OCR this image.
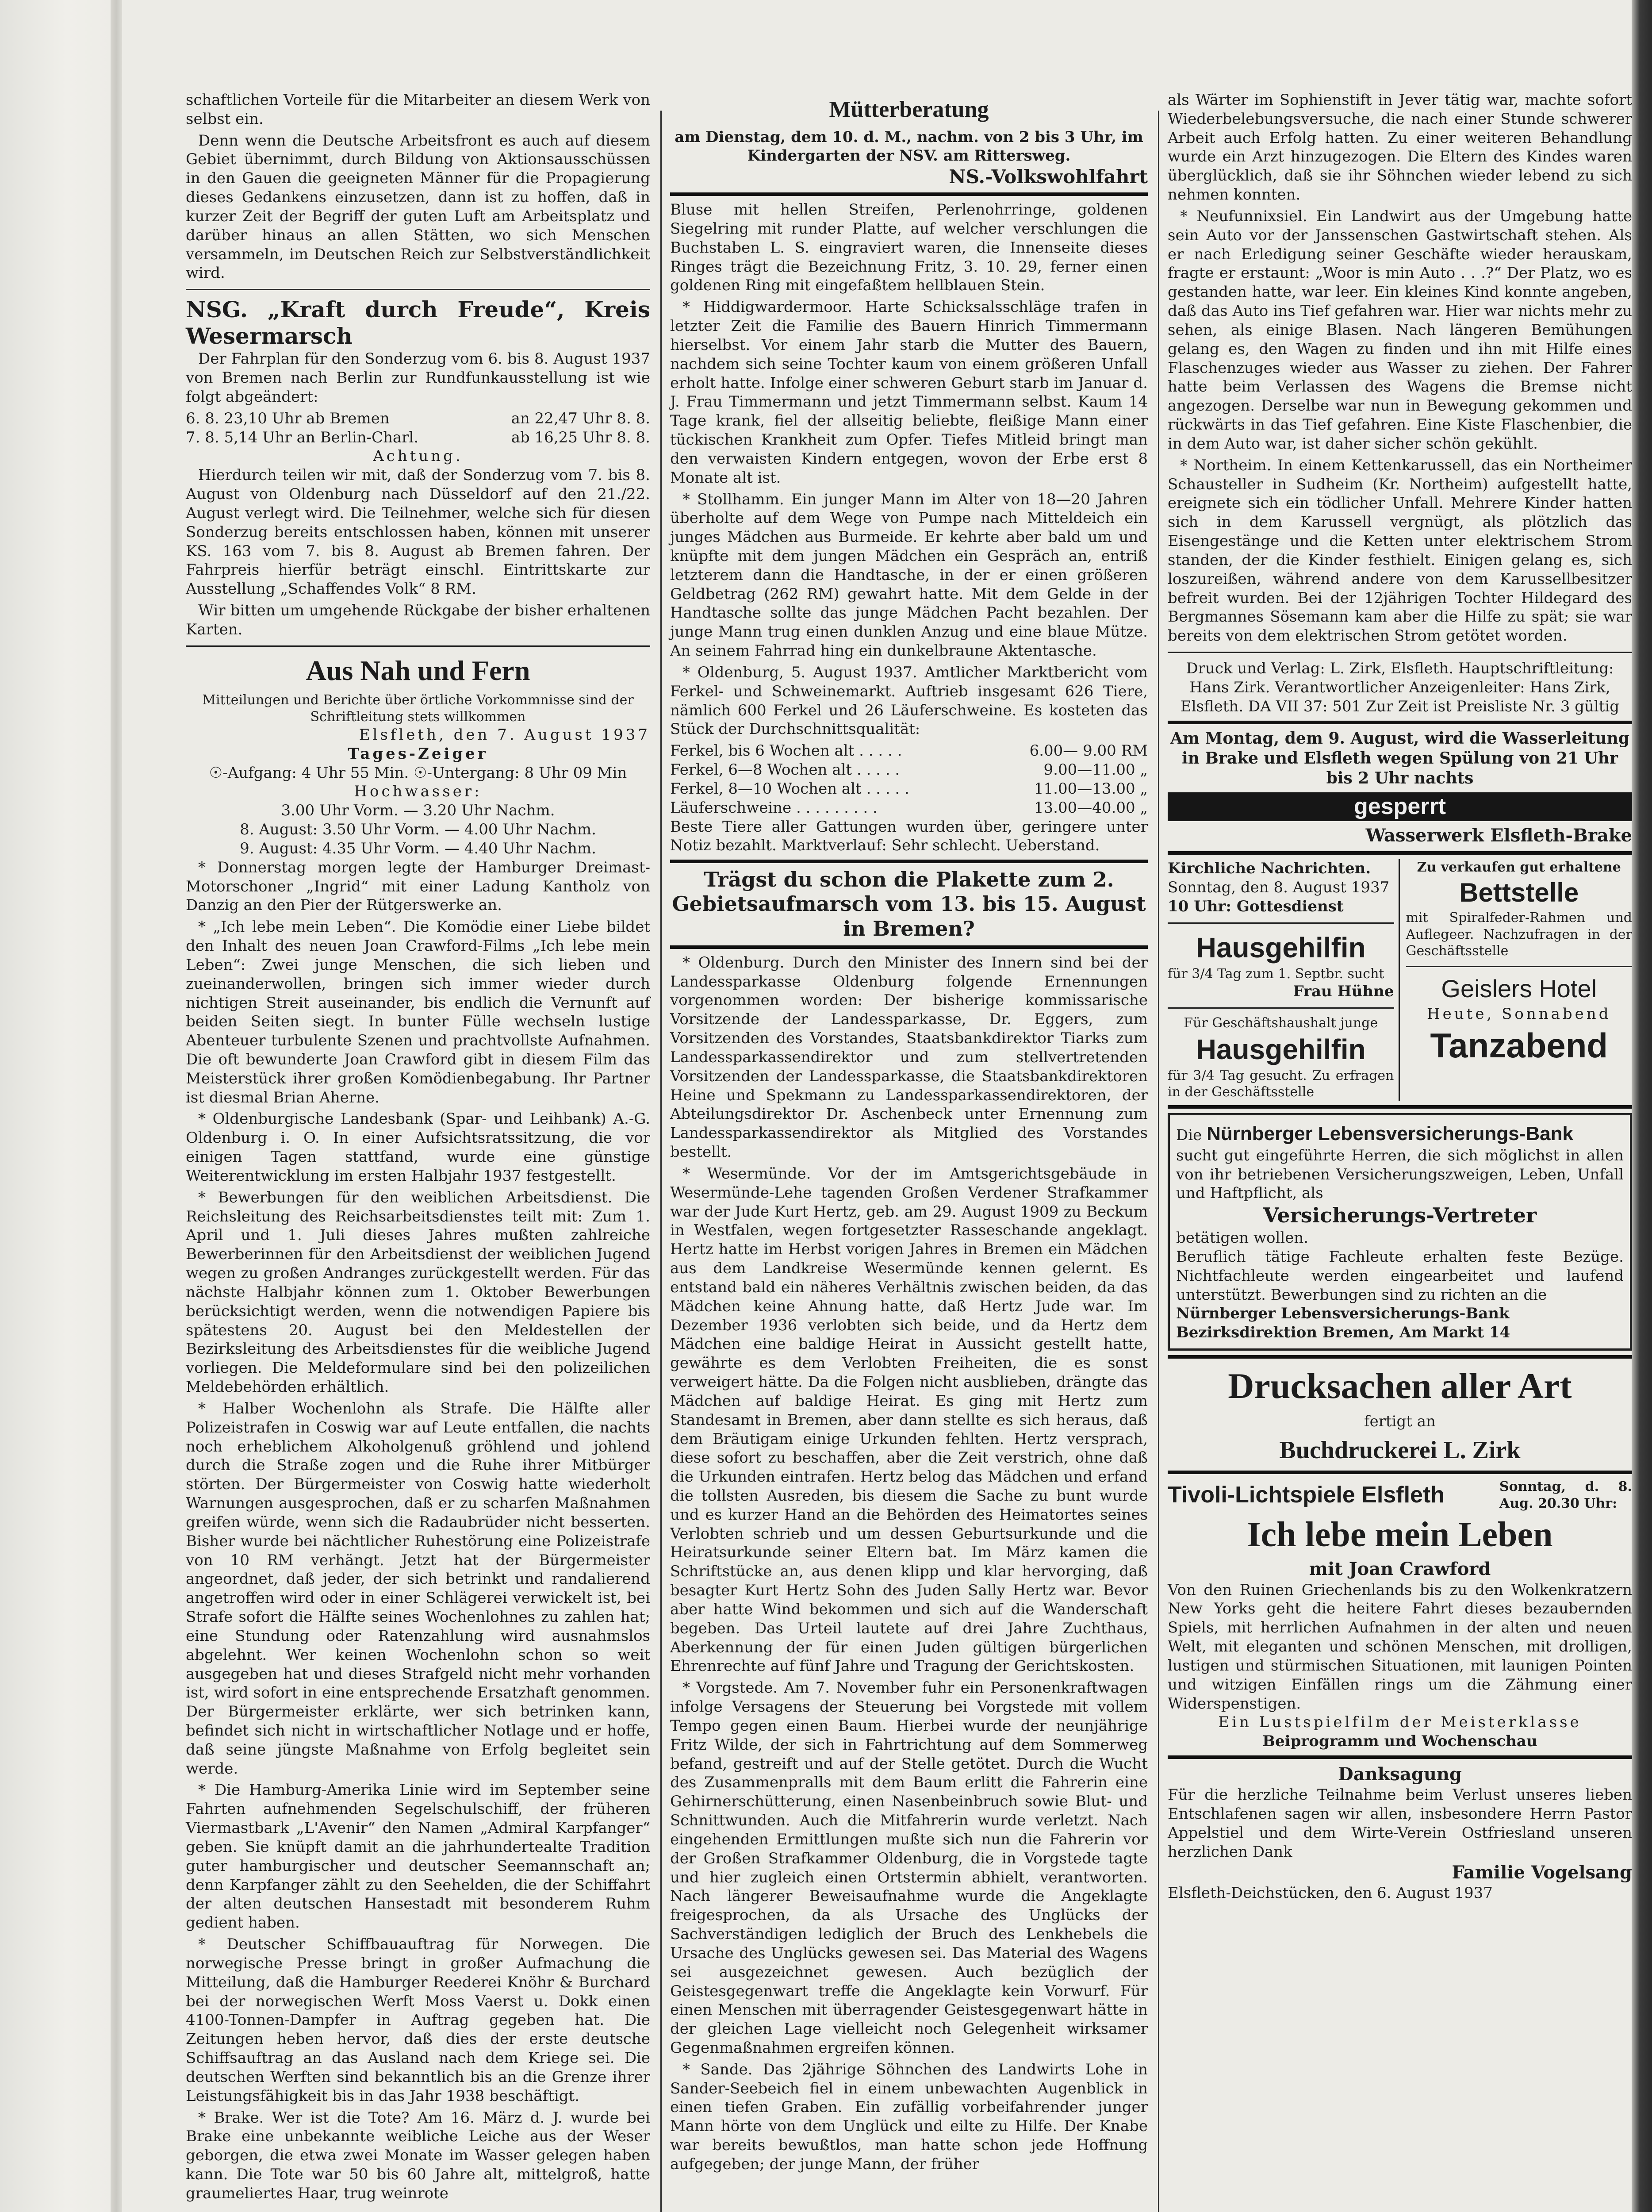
schaftlichen Vorteile für die Mitarbeiter an diesem Werk von selbst ein.

Denn wenn die Deutsche Arbeitsfront es auch auf diesem Gebiet übernimmt, durch Bildung von Aktionsausschüssen in den Gauen die geeigneten Männer für die Propagierung dieses Gedankens einzusetzen, dann ist zu hoffen, daß in kurzer Zeit der Begriff der guten Luft am Arbeitsplatz und darüber hinaus an allen Stätten, wo sich Menschen versammeln, im Deutschen Reich zur Selbstverständlichkeit wird.

NSG. „Kraft durch Freude“, Kreis Wesermarsch

Der Fahrplan für den Sonderzug vom 6. bis 8. August 1937 von Bremen nach Berlin zur Rundfunkausstellung ist wie folgt abgeändert:

6. 8. 23,10 Uhr ab Bremen	an 22,47 Uhr 8. 8.
7. 8. 5,14 Uhr an Berlin-Charl.	ab 16,25 Uhr 8. 8.
Achtung.

Hierdurch teilen wir mit, daß der Sonderzug vom 7. bis 8. August von Oldenburg nach Düsseldorf auf den 21./22. August verlegt wird. Die Teilnehmer, welche sich für diesen Sonderzug bereits entschlossen haben, können mit unserer KS. 163 vom 7. bis 8. August ab Bremen fahren. Der Fahrpreis hierfür beträgt einschl. Eintrittskarte zur Ausstellung „Schaffendes Volk“ 8 RM.

Wir bitten um umgehende Rückgabe der bisher erhaltenen Karten.

Aus Nah und Fern
Mitteilungen und Berichte über örtliche Vorkommnisse sind der Schriftleitung stets willkommen
Elsfleth, den 7. August 1937
Tages-Zeiger
☉-Aufgang: 4 Uhr 55 Min. ☉-Untergang: 8 Uhr 09 Min
Hochwasser:
3.00 Uhr Vorm. — 3.20 Uhr Nachm.
8. August: 3.50 Uhr Vorm. — 4.00 Uhr Nachm.
9. August: 4.35 Uhr Vorm. — 4.40 Uhr Nachm.

* Donnerstag morgen legte der Hamburger Dreimast-Motorschoner „Ingrid“ mit einer Ladung Kantholz von Danzig an den Pier der Rütgerswerke an.

* „Ich lebe mein Leben“. Die Komödie einer Liebe bildet den Inhalt des neuen Joan Crawford-Films „Ich lebe mein Leben“: Zwei junge Menschen, die sich lieben und zueinanderwollen, bringen sich immer wieder durch nichtigen Streit auseinander, bis endlich die Vernunft auf beiden Seiten siegt. In bunter Fülle wechseln lustige Abenteuer turbulente Szenen und prachtvollste Aufnahmen. Die oft bewunderte Joan Crawford gibt in diesem Film das Meisterstück ihrer großen Komödienbegabung. Ihr Partner ist diesmal Brian Aherne.

* Oldenburgische Landesbank (Spar- und Leihbank) A.-G. Oldenburg i. O. In einer Aufsichtsratssitzung, die vor einigen Tagen stattfand, wurde eine günstige Weiterentwicklung im ersten Halbjahr 1937 festgestellt.

* Bewerbungen für den weiblichen Arbeitsdienst. Die Reichsleitung des Reichsarbeitsdienstes teilt mit: Zum 1. April und 1. Juli dieses Jahres mußten zahlreiche Bewerberinnen für den Arbeitsdienst der weiblichen Jugend wegen zu großen Andranges zurückgestellt werden. Für das nächste Halbjahr können zum 1. Oktober Bewerbungen berücksichtigt werden, wenn die notwendigen Papiere bis spätestens 20. August bei den Meldestellen der Bezirksleitung des Arbeitsdienstes für die weibliche Jugend vorliegen. Die Meldeformulare sind bei den polizeilichen Meldebehörden erhältlich.

* Halber Wochenlohn als Strafe. Die Hälfte aller Polizeistrafen in Coswig war auf Leute entfallen, die nachts noch erheblichem Alkoholgenuß gröhlend und johlend durch die Straße zogen und die Ruhe ihrer Mitbürger störten. Der Bürgermeister von Coswig hatte wiederholt Warnungen ausgesprochen, daß er zu scharfen Maßnahmen greifen würde, wenn sich die Radaubrüder nicht besserten. Bisher wurde bei nächtlicher Ruhestörung eine Polizeistrafe von 10 RM verhängt. Jetzt hat der Bürgermeister angeordnet, daß jeder, der sich betrinkt und randalierend angetroffen wird oder in einer Schlägerei verwickelt ist, bei Strafe sofort die Hälfte seines Wochenlohnes zu zahlen hat; eine Stundung oder Ratenzahlung wird ausnahmslos abgelehnt. Wer keinen Wochenlohn schon so weit ausgegeben hat und dieses Strafgeld nicht mehr vorhanden ist, wird sofort in eine entsprechende Ersatzhaft genommen. Der Bürgermeister erklärte, wer sich betrinken kann, befindet sich nicht in wirtschaftlicher Notlage und er hoffe, daß seine jüngste Maßnahme von Erfolg begleitet sein werde.

* Die Hamburg-Amerika Linie wird im September seine Fahrten aufnehmenden Segelschulschiff, der früheren Viermastbark „L'Avenir“ den Namen „Admiral Karpfanger“ geben. Sie knüpft damit an die jahrhundertealte Tradition guter hamburgischer und deutscher Seemannschaft an; denn Karpfanger zählt zu den Seehelden, die der Schiffahrt der alten deutschen Hansestadt mit besonderem Ruhm gedient haben.

* Deutscher Schiffbauauftrag für Norwegen. Die norwegische Presse bringt in großer Aufmachung die Mitteilung, daß die Hamburger Reederei Knöhr & Burchard bei der norwegischen Werft Moss Vaerst u. Dokk einen 4100-Tonnen-Dampfer in Auftrag gegeben hat. Die Zeitungen heben hervor, daß dies der erste deutsche Schiffsauftrag an das Ausland nach dem Kriege sei. Die deutschen Werften sind bekanntlich bis an die Grenze ihrer Leistungsfähigkeit bis in das Jahr 1938 beschäftigt.

* Brake. Wer ist die Tote? Am 16. März d. J. wurde bei Brake eine unbekannte weibliche Leiche aus der Weser geborgen, die etwa zwei Monate im Wasser gelegen haben kann. Die Tote war 50 bis 60 Jahre alt, mittelgroß, hatte graumeliertes Haar, trug weinrote

Mütterberatung
am Dienstag, dem 10. d. M., nachm. von 2 bis 3 Uhr, im Kindergarten der NSV. am Rittersweg.
NS.-Volkswohlfahrt

Bluse mit hellen Streifen, Perlenohrringe, goldenen Siegelring mit runder Platte, auf welcher verschlungen die Buchstaben L. S. eingraviert waren, die Innenseite dieses Ringes trägt die Bezeichnung Fritz, 3. 10. 29, ferner einen goldenen Ring mit eingefaßtem hellblauen Stein.

* Hiddigwardermoor. Harte Schicksalsschläge trafen in letzter Zeit die Familie des Bauern Hinrich Timmermann hierselbst. Vor einem Jahr starb die Mutter des Bauern, nachdem sich seine Tochter kaum von einem größeren Unfall erholt hatte. Infolge einer schweren Geburt starb im Januar d. J. Frau Timmermann und jetzt Timmermann selbst. Kaum 14 Tage krank, fiel der allseitig beliebte, fleißige Mann einer tückischen Krankheit zum Opfer. Tiefes Mitleid bringt man den verwaisten Kindern entgegen, wovon der Erbe erst 8 Monate alt ist.

* Stollhamm. Ein junger Mann im Alter von 18—20 Jahren überholte auf dem Wege von Pumpe nach Mitteldeich ein junges Mädchen aus Burmeide. Er kehrte aber bald um und knüpfte mit dem jungen Mädchen ein Gespräch an, entriß letzterem dann die Handtasche, in der er einen größeren Geldbetrag (262 RM) gewahrt hatte. Mit dem Gelde in der Handtasche sollte das junge Mädchen Pacht bezahlen. Der junge Mann trug einen dunklen Anzug und eine blaue Mütze. An seinem Fahrrad hing ein dunkelbraune Aktentasche.

* Oldenburg, 5. August 1937. Amtlicher Marktbericht vom Ferkel- und Schweinemarkt. Auftrieb insgesamt 626 Tiere, nämlich 600 Ferkel und 26 Läuferschweine. Es kosteten das Stück der Durchschnittsqualität:

Ferkel, bis 6 Wochen alt . . . . .	6.00— 9.00 RM
Ferkel, 6—8 Wochen alt . . . . .	9.00—11.00 „
Ferkel, 8—10 Wochen alt . . . . .	11.00—13.00 „
Läuferschweine . . . . . . . . .	13.00—40.00 „

Beste Tiere aller Gattungen wurden über, geringere unter Notiz bezahlt. Marktverlauf: Sehr schlecht. Ueberstand.

Trägst du schon die Plakette zum 2. Gebietsaufmarsch vom 13. bis 15. August in Bremen?

* Oldenburg. Durch den Minister des Innern sind bei der Landessparkasse Oldenburg folgende Ernennungen vorgenommen worden: Der bisherige kommissarische Vorsitzende der Landessparkasse, Dr. Eggers, zum Vorsitzenden des Vorstandes, Staatsbankdirektor Tiarks zum Landessparkassendirektor und zum stellvertretenden Vorsitzenden der Landessparkasse, die Staatsbankdirektoren Heine und Spekmann zu Landessparkassendirektoren, der Abteilungsdirektor Dr. Aschenbeck unter Ernennung zum Landessparkassendirektor als Mitglied des Vorstandes bestellt.

* Wesermünde. Vor der im Amtsgerichtsgebäude in Wesermünde-Lehe tagenden Großen Verdener Strafkammer war der Jude Kurt Hertz, geb. am 29. August 1909 zu Beckum in Westfalen, wegen fortgesetzter Rasseschande angeklagt. Hertz hatte im Herbst vorigen Jahres in Bremen ein Mädchen aus dem Landkreise Wesermünde kennen gelernt. Es entstand bald ein näheres Verhältnis zwischen beiden, da das Mädchen keine Ahnung hatte, daß Hertz Jude war. Im Dezember 1936 verlobten sich beide, und da Hertz dem Mädchen eine baldige Heirat in Aussicht gestellt hatte, gewährte es dem Verlobten Freiheiten, die es sonst verweigert hätte. Da die Folgen nicht ausblieben, drängte das Mädchen auf baldige Heirat. Es ging mit Hertz zum Standesamt in Bremen, aber dann stellte es sich heraus, daß dem Bräutigam einige Urkunden fehlten. Hertz versprach, diese sofort zu beschaffen, aber die Zeit verstrich, ohne daß die Urkunden eintrafen. Hertz belog das Mädchen und erfand die tollsten Ausreden, bis diesem die Sache zu bunt wurde und es kurzer Hand an die Behörden des Heimatortes seines Verlobten schrieb und um dessen Geburtsurkunde und die Heiratsurkunde seiner Eltern bat. Im März kamen die Schriftstücke an, aus denen klipp und klar hervorging, daß besagter Kurt Hertz Sohn des Juden Sally Hertz war. Bevor aber hatte Wind bekommen und sich auf die Wanderschaft begeben. Das Urteil lautete auf drei Jahre Zuchthaus, Aberkennung der für einen Juden gültigen bürgerlichen Ehrenrechte auf fünf Jahre und Tragung der Gerichtskosten.

* Vorgstede. Am 7. November fuhr ein Personenkraftwagen infolge Versagens der Steuerung bei Vorgstede mit vollem Tempo gegen einen Baum. Hierbei wurde der neunjährige Fritz Wilde, der sich in Fahrtrichtung auf dem Sommerweg befand, gestreift und auf der Stelle getötet. Durch die Wucht des Zusammenpralls mit dem Baum erlitt die Fahrerin eine Gehirnerschütterung, einen Nasenbeinbruch sowie Blut- und Schnittwunden. Auch die Mitfahrerin wurde verletzt. Nach eingehenden Ermittlungen mußte sich nun die Fahrerin vor der Großen Strafkammer Oldenburg, die in Vorgstede tagte und hier zugleich einen Ortstermin abhielt, verantworten. Nach längerer Beweisaufnahme wurde die Angeklagte freigesprochen, da als Ursache des Unglücks der Sachverständigen lediglich der Bruch des Lenkhebels die Ursache des Unglücks gewesen sei. Das Material des Wagens sei ausgezeichnet gewesen. Auch bezüglich der Geistesgegenwart treffe die Angeklagte kein Vorwurf. Für einen Menschen mit überragender Geistesgegenwart hätte in der gleichen Lage vielleicht noch Gelegenheit wirksamer Gegenmaßnahmen ergreifen können.

* Sande. Das 2jährige Söhnchen des Landwirts Lohe in Sander-Seebeich fiel in einem unbewachten Augenblick in einen tiefen Graben. Ein zufällig vorbeifahrender junger Mann hörte von dem Unglück und eilte zu Hilfe. Der Knabe war bereits bewußtlos, man hatte schon jede Hoffnung aufgegeben; der junge Mann, der früher

als Wärter im Sophienstift in Jever tätig war, machte sofort Wiederbelebungsversuche, die nach einer Stunde schwerer Arbeit auch Erfolg hatten. Zu einer weiteren Behandlung wurde ein Arzt hinzugezogen. Die Eltern des Kindes waren überglücklich, daß sie ihr Söhnchen wieder lebend zu sich nehmen konnten.

* Neufunnixsiel. Ein Landwirt aus der Umgebung hatte sein Auto vor der Janssenschen Gastwirtschaft stehen. Als er nach Erledigung seiner Geschäfte wieder herauskam, fragte er erstaunt: „Woor is min Auto . . .?“ Der Platz, wo es gestanden hatte, war leer. Ein kleines Kind konnte angeben, daß das Auto ins Tief gefahren war. Hier war nichts mehr zu sehen, als einige Blasen. Nach längeren Bemühungen gelang es, den Wagen zu finden und ihn mit Hilfe eines Flaschenzuges wieder aus Wasser zu ziehen. Der Fahrer hatte beim Verlassen des Wagens die Bremse nicht angezogen. Derselbe war nun in Bewegung gekommen und rückwärts in das Tief gefahren. Eine Kiste Flaschenbier, die in dem Auto war, ist daher sicher schön gekühlt.

* Northeim. In einem Kettenkarussell, das ein Northeimer Schausteller in Sudheim (Kr. Northeim) aufgestellt hatte, ereignete sich ein tödlicher Unfall. Mehrere Kinder hatten sich in dem Karussell vergnügt, als plötzlich das Eisengestänge und die Ketten unter elektrischem Strom standen, der die Kinder festhielt. Einigen gelang es, sich loszureißen, während andere von dem Karussellbesitzer befreit wurden. Bei der 12jährigen Tochter Hildegard des Bergmannes Sösemann kam aber die Hilfe zu spät; sie war bereits von dem elektrischen Strom getötet worden.

Druck und Verlag: L. Zirk, Elsfleth. Hauptschriftleitung: Hans Zirk. Verantwortlicher Anzeigenleiter: Hans Zirk, Elsfleth. DA VII 37: 501 Zur Zeit ist Preisliste Nr. 3 gültig
Am Montag, dem 9. August, wird die Wasserleitung in Brake und Elsfleth wegen Spülung von 21 Uhr bis 2 Uhr nachts
gesperrt
Wasserwerk Elsfleth-Brake
Kirchliche Nachrichten.
Sonntag, den 8. August 1937
10 Uhr: Gottesdienst
Hausgehilfin
für 3/4 Tag zum 1. Septbr. sucht
Frau Hühne
Für Geschäftshaushalt junge
Hausgehilfin
für 3/4 Tag gesucht. Zu erfragen in der Geschäftsstelle
Zu verkaufen gut erhaltene
Bettstelle
mit Spiralfeder-Rahmen und Auflegeer. Nachzufragen in der Geschäftsstelle
Geislers Hotel
Heute, Sonnabend
Tanzabend
Die Nürnberger Lebensversicherungs-Bank
sucht gut eingeführte Herren, die sich möglichst in allen von ihr betriebenen Versicherungszweigen, Leben, Unfall und Haftpflicht, als
Versicherungs-Vertreter
betätigen wollen.
Beruflich tätige Fachleute erhalten feste Bezüge. Nichtfachleute werden eingearbeitet und laufend unterstützt. Bewerbungen sind zu richten an die
Nürnberger Lebensversicherungs-Bank
Bezirksdirektion Bremen, Am Markt 14
Drucksachen aller Art
fertigt an
Buchdruckerei L. Zirk
Tivoli-Lichtspiele Elsfleth	Sonntag, d. 8. Aug. 20.30 Uhr:
Ich lebe mein Leben
mit Joan Crawford
Von den Ruinen Griechenlands bis zu den Wolkenkratzern New Yorks geht die heitere Fahrt dieses bezaubernden Spiels, mit herrlichen Aufnahmen in der alten und neuen Welt, mit eleganten und schönen Menschen, mit drolligen, lustigen und stürmischen Situationen, mit launigen Pointen und witzigen Einfällen rings um die Zähmung einer Widerspenstigen.
Ein Lustspielfilm der Meisterklasse
Beiprogramm und Wochenschau
Danksagung
Für die herzliche Teilnahme beim Verlust unseres lieben Entschlafenen sagen wir allen, insbesondere Herrn Pastor Appelstiel und dem Wirte-Verein Ostfriesland unseren herzlichen Dank
Familie Vogelsang
Elsfleth-Deichstücken, den 6. August 1937
